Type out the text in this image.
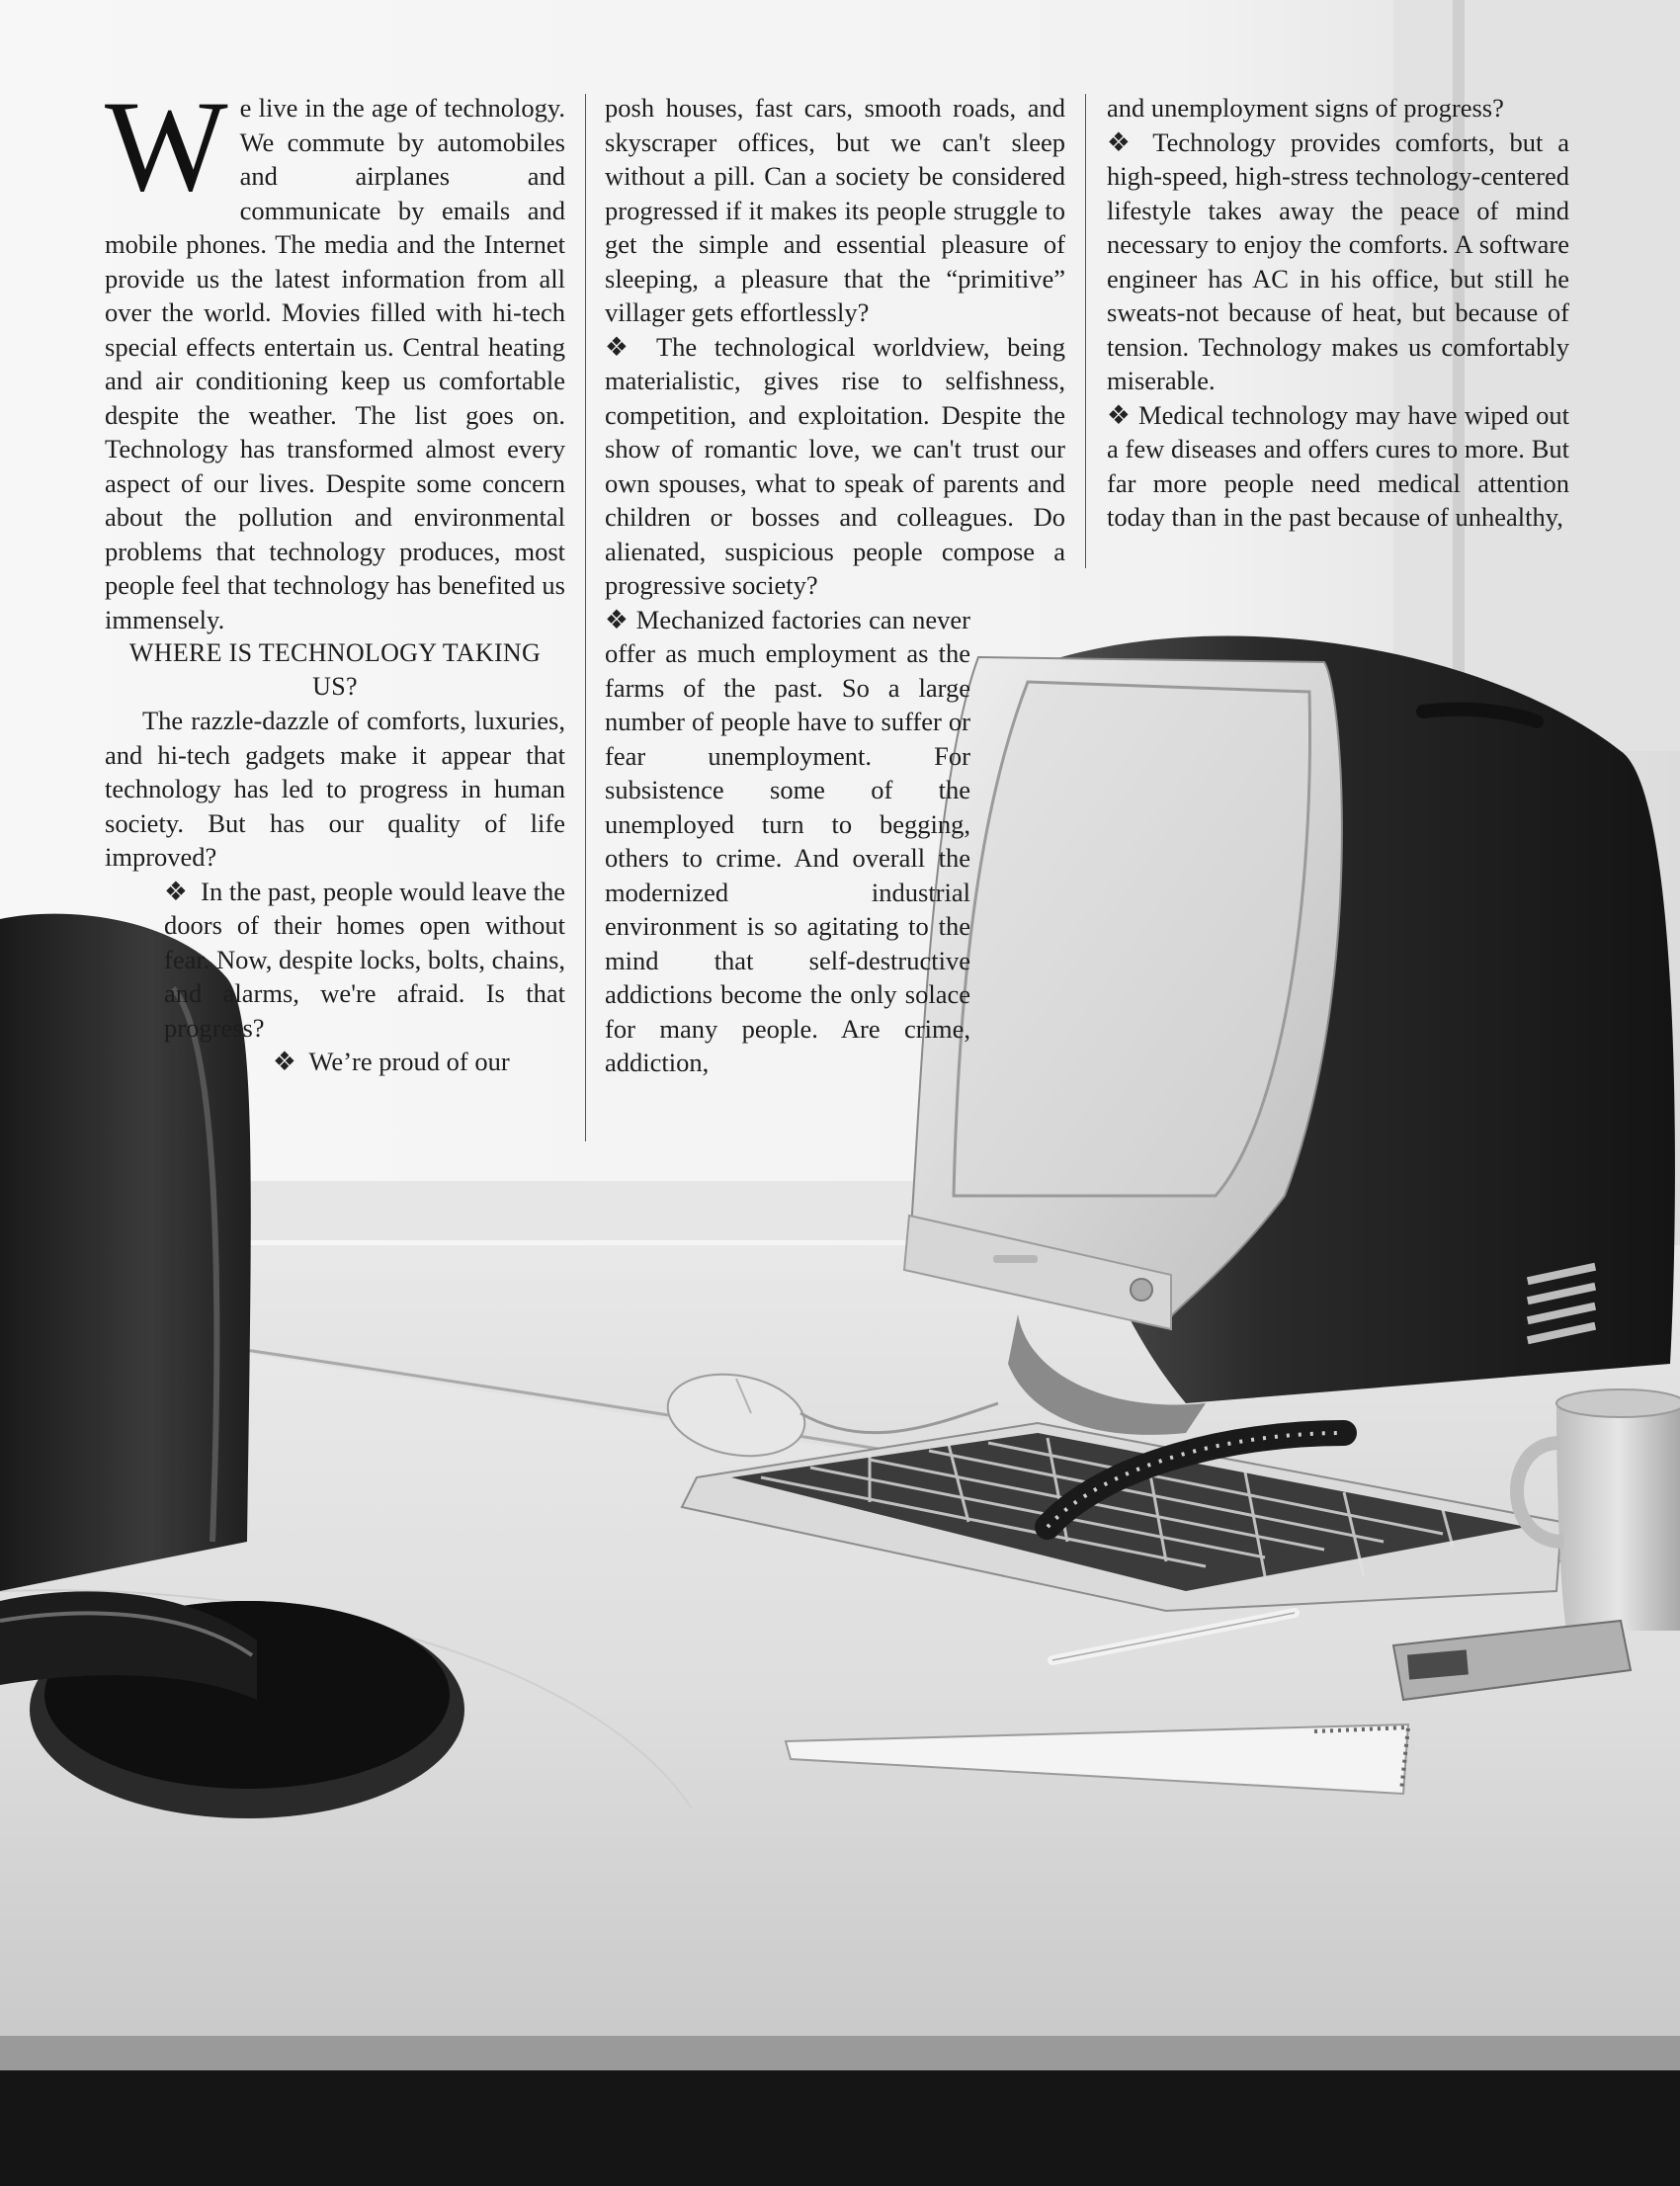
W e live in the age of technology. We commute by automobiles and airplanes and communicate by emails and mobile phones. The media and the Internet provide us the latest information from all over the world. Movies filled with hi-tech special effects entertain us. Central heating and air conditioning keep us comfortable despite the weather. The list goes on. Technology has transformed almost every aspect of our lives. Despite some concern about the pollution and environmental problems that technology produces, most people feel that technology has benefited us immensely.

WHERE IS TECHNOLOGY TAKING US?

The razzle-dazzle of comforts, luxuries, and hi-tech gadgets make it appear that technology has led to progress in human society. But has our quality of life improved?

❖ In the past, people would leave the doors of their homes open without fear. Now, despite locks, bolts, chains, and alarms, we're afraid. Is that progress?

❖ We’re proud of our

posh houses, fast cars, smooth roads, and skyscraper offices, but we can't sleep without a pill. Can a society be considered progressed if it makes its people struggle to get the simple and essential pleasure of sleeping, a pleasure that the “primitive” villager gets effortlessly?

❖ The technological worldview, being materialistic, gives rise to selfishness, competition, and exploitation. Despite the show of romantic love, we can't trust our own spouses, what to speak of parents and children or bosses and colleagues. Do alienated, suspicious people compose a progressive society?

❖ Mechanized factories can never offer as much employment as the farms of the past. So a large number of people have to suffer or fear unemployment. For subsistence some of the unemployed turn to begging, others to crime. And overall the modernized industrial environment is so agitating to the mind that self-destructive addictions become the only solace for many people. Are crime, addiction,

and unemployment signs of progress?

❖ Technology provides comforts, but a high-speed, high-stress technology-centered lifestyle takes away the peace of mind necessary to enjoy the comforts. A software engineer has AC in his office, but still he sweats-not because of heat, but because of tension. Technology makes us comfortably miserable.

❖ Medical technology may have wiped out a few diseases and offers cures to more. But far more people need medical attention today than in the past because of unhealthy,
